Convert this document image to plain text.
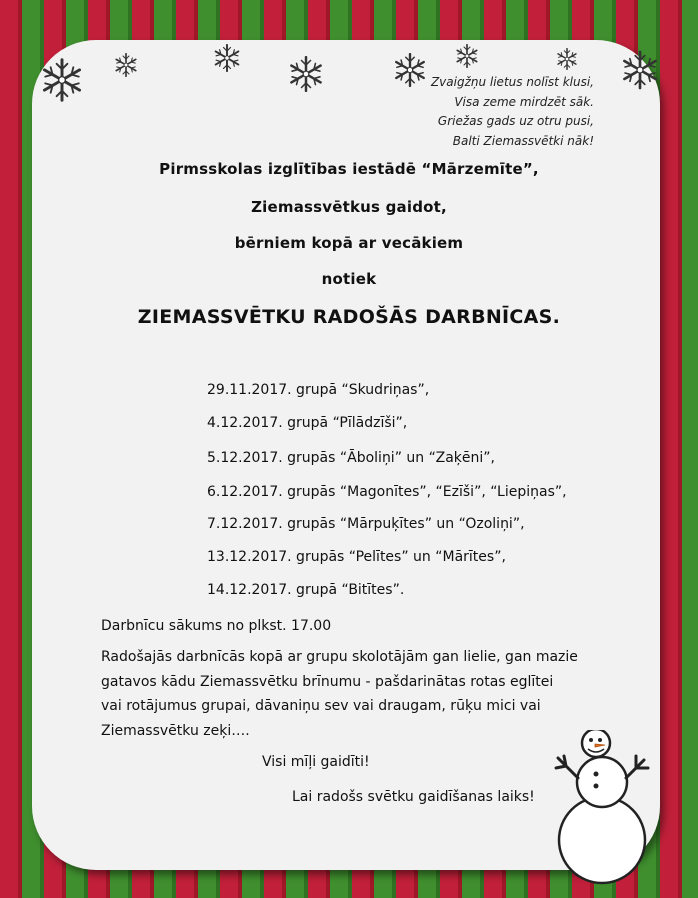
Zvaigžņu lietus nolīst klusi,
Visa zeme mirdzēt sāk.
Griežas gads uz otru pusi,
Balti Ziemassvētki nāk!
Pirmsskolas izglītības iestādē “Mārzemīte”,
Ziemassvētkus gaidot,
bērniem kopā ar vecākiem
notiek
ZIEMASSVĒTKU RADOŠĀS DARBNĪCAS.
29.11.2017. grupā “Skudriņas”,
4.12.2017. grupā “Pīlādzīši”,
5.12.2017. grupās “Āboliņi” un “Zaķēni”,
6.12.2017. grupās “Magonītes”, “Ezīši”, “Liepiņas”,
7.12.2017. grupās “Mārpuķītes” un “Ozoliņi”,
13.12.2017. grupās “Pelītes” un “Mārītes”,
14.12.2017. grupā “Bitītes”.
Darbnīcu sākums no plkst. 17.00
Radošajās darbnīcās kopā ar grupu skolotājām gan lielie, gan mazie
gatavos kādu Ziemassvētku brīnumu - pašdarinātas rotas eglītei
vai rotājumus grupai, dāvaniņu sev vai draugam, rūķu mici vai
Ziemassvētku zeķi….
Visi mīļi gaidīti!
Lai radošs svētku gaidīšanas laiks!
